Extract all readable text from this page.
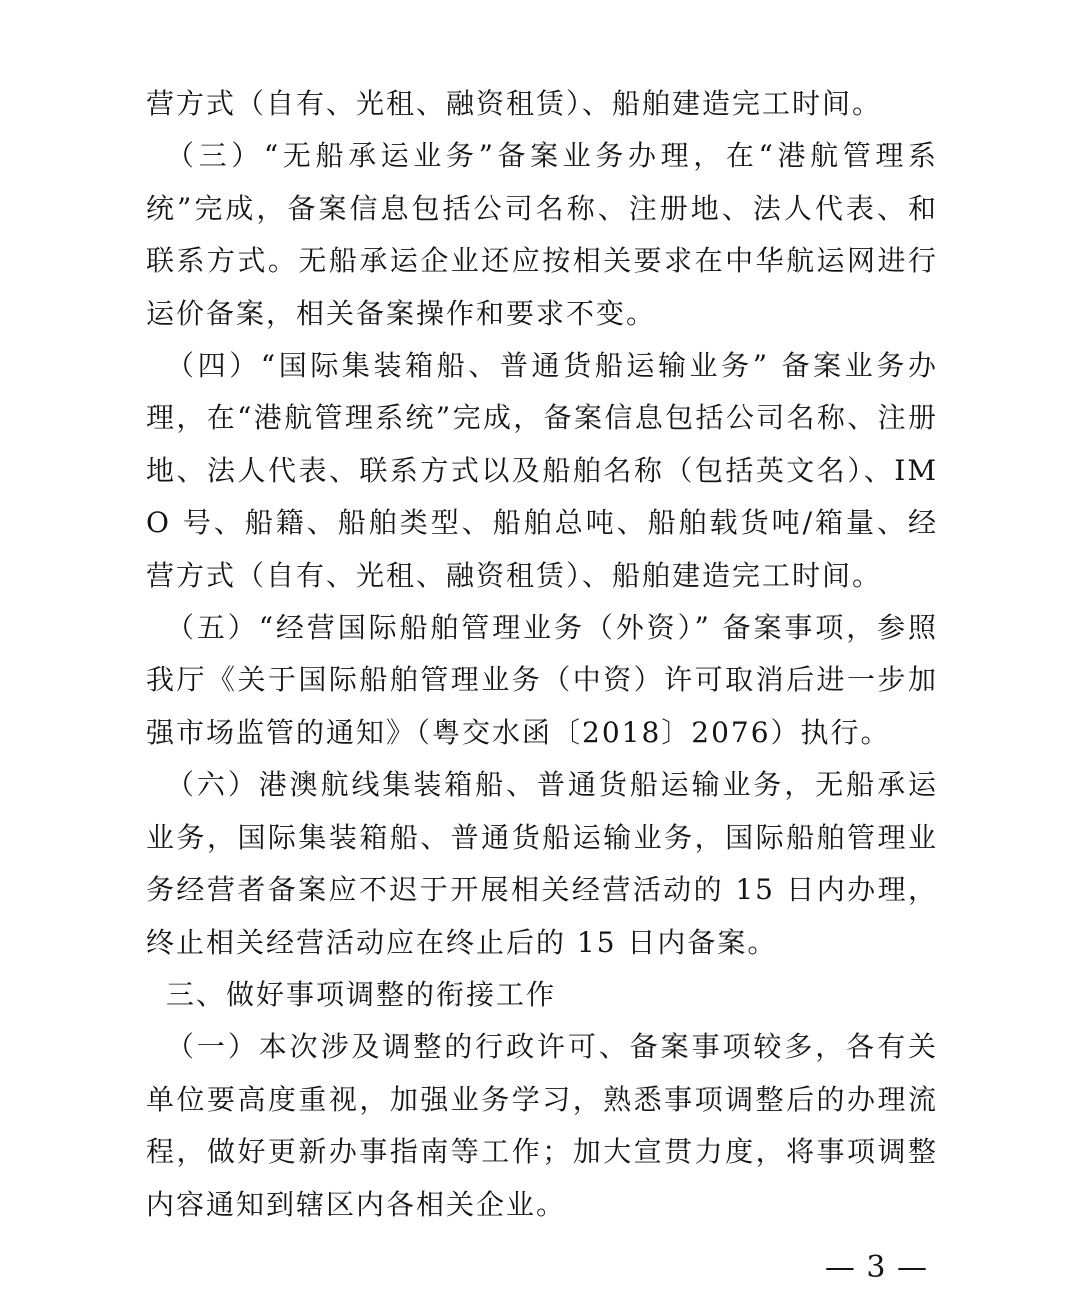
营方式（自有、光租、融资租赁）、船舶建造完工时间。

（三）“无船承运业务”备案业务办理，在“港航管理系统”完成，备案信息包括公司名称、注册地、法人代表、和联系方式。无船承运企业还应按相关要求在中华航运网进行运价备案，相关备案操作和要求不变。

（四）“国际集装箱船、普通货船运输业务” 备案业务办理，在“港航管理系统”完成，备案信息包括公司名称、注册地、法人代表、联系方式以及船舶名称（包括英文名）、IMO 号、船籍、船舶类型、船舶总吨、船舶载货吨/箱量、经营方式（自有、光租、融资租赁）、船舶建造完工时间。

（五）“经营国际船舶管理业务（外资）” 备案事项，参照我厅《关于国际船舶管理业务（中资）许可取消后进一步加强市场监管的通知》（粤交水函〔2018〕2076）执行。

（六）港澳航线集装箱船、普通货船运输业务，无船承运业务，国际集装箱船、普通货船运输业务，国际船舶管理业务经营者备案应不迟于开展相关经营活动的 15 日内办理，终止相关经营活动应在终止后的 15 日内备案。

三、做好事项调整的衔接工作

（一）本次涉及调整的行政许可、备案事项较多，各有关单位要高度重视，加强业务学习，熟悉事项调整后的办理流程，做好更新办事指南等工作；加大宣贯力度，将事项调整内容通知到辖区内各相关企业。

— 3 —
